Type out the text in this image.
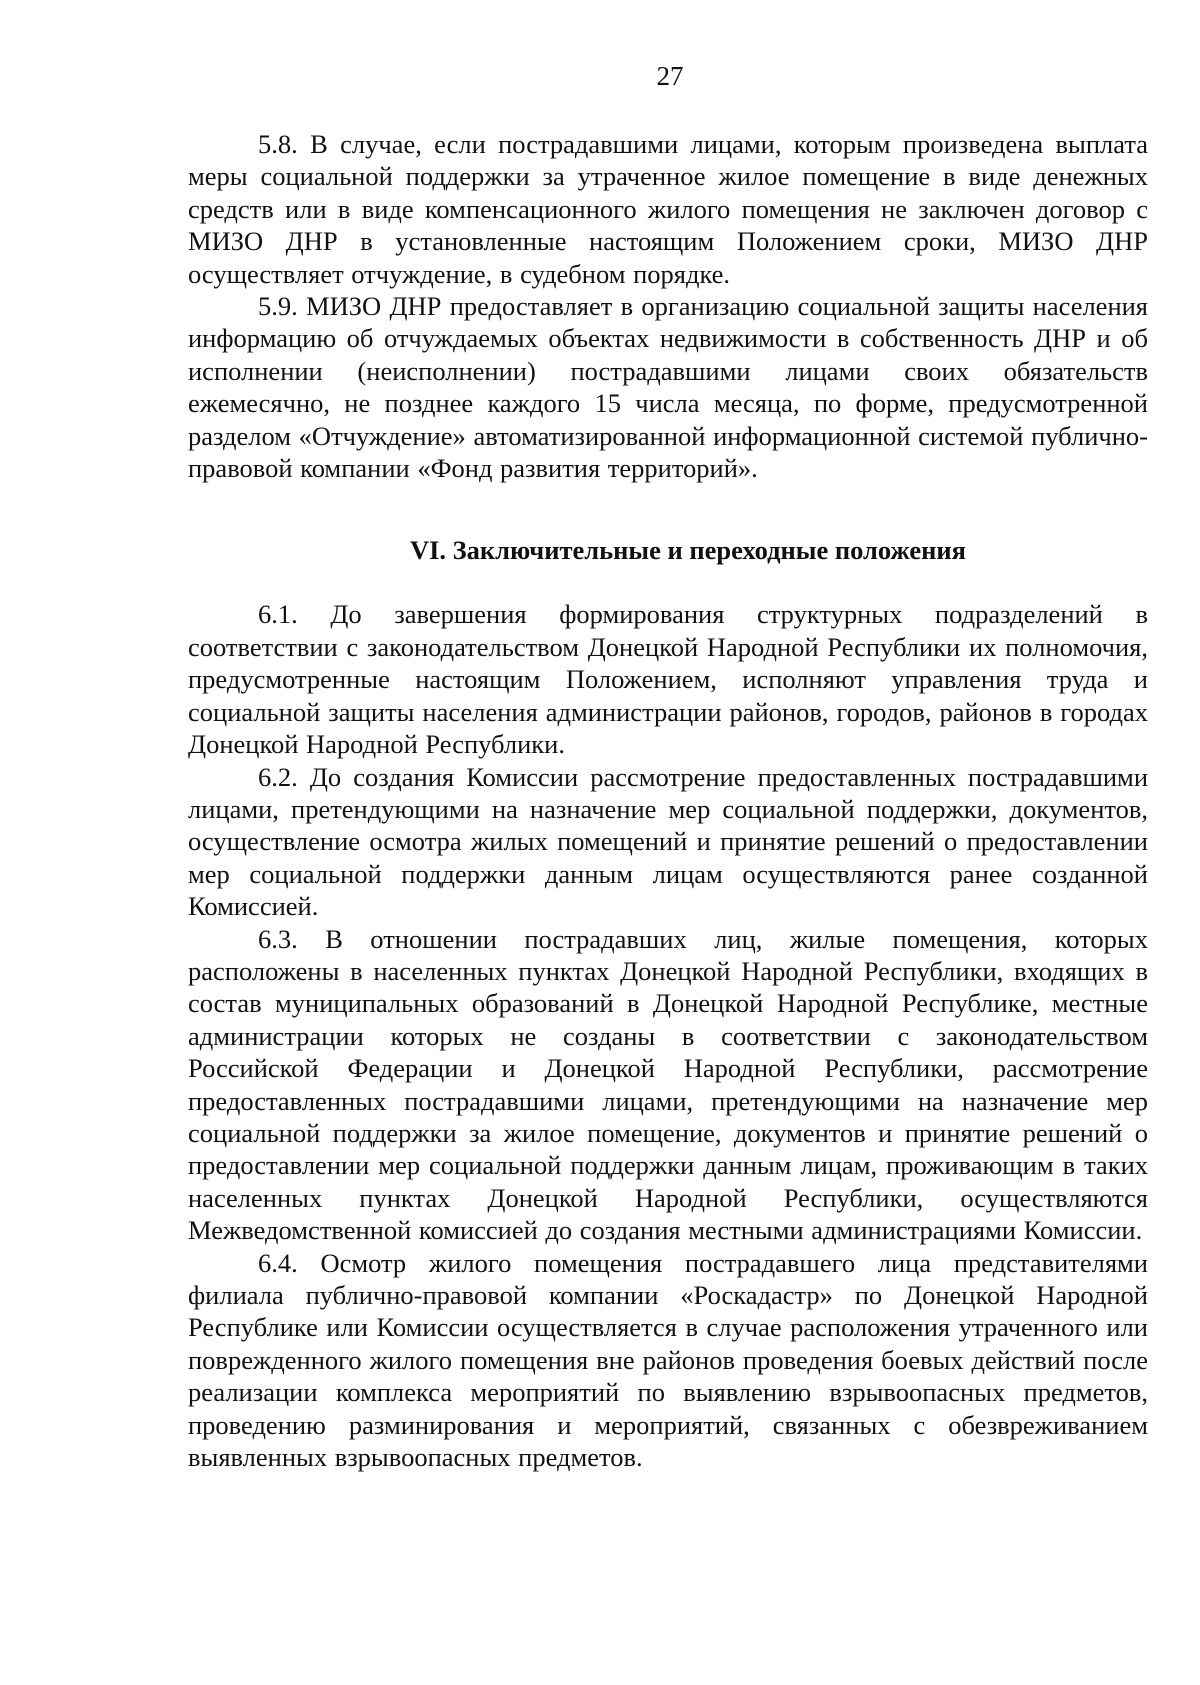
27

5.8. В случае, если пострадавшими лицами, которым произведена выплата меры социальной поддержки за утраченное жилое помещение в виде денежных средств или в виде компенсационного жилого помещения не заключен договор с МИЗО ДНР в установленные настоящим Положением сроки, МИЗО ДНР осуществляет отчуждение, в судебном порядке.

5.9. МИЗО ДНР предоставляет в организацию социальной защиты населения информацию об отчуждаемых объектах недвижимости в собственность ДНР и об исполнении (неисполнении) пострадавшими лицами своих обязательств ежемесячно, не позднее каждого 15 числа месяца, по форме, предусмотренной разделом «Отчуждение» автоматизированной информационной системой публично-правовой компании «Фонд развития территорий».

VI. Заключительные и переходные положения

6.1. До завершения формирования структурных подразделений в соответствии с законодательством Донецкой Народной Республики их полномочия, предусмотренные настоящим Положением, исполняют управления труда и социальной защиты населения администрации районов, городов, районов в городах Донецкой Народной Республики.

6.2. До создания Комиссии рассмотрение предоставленных пострадавшими лицами, претендующими на назначение мер социальной поддержки, документов, осуществление осмотра жилых помещений и принятие решений о предоставлении мер социальной поддержки данным лицам осуществляются ранее созданной Комиссией.

6.3. В отношении пострадавших лиц, жилые помещения, которых расположены в населенных пунктах Донецкой Народной Республики, входящих в состав муниципальных образований в Донецкой Народной Республике, местные администрации которых не созданы в соответствии с законодательством Российской Федерации и Донецкой Народной Республики, рассмотрение предоставленных пострадавшими лицами, претендующими на назначение мер социальной поддержки за жилое помещение, документов и принятие решений о предоставлении мер социальной поддержки данным лицам, проживающим в таких населенных пунктах Донецкой Народной Республики, осуществляются Межведомственной комиссией до создания местными администрациями Комиссии.

6.4. Осмотр жилого помещения пострадавшего лица представителями филиала публично-правовой компании «Роскадастр» по Донецкой Народной Республике или Комиссии осуществляется в случае расположения утраченного или поврежденного жилого помещения вне районов проведения боевых действий после реализации комплекса мероприятий по выявлению взрывоопасных предметов, проведению разминирования и мероприятий, связанных с обезвреживанием выявленных взрывоопасных предметов.
